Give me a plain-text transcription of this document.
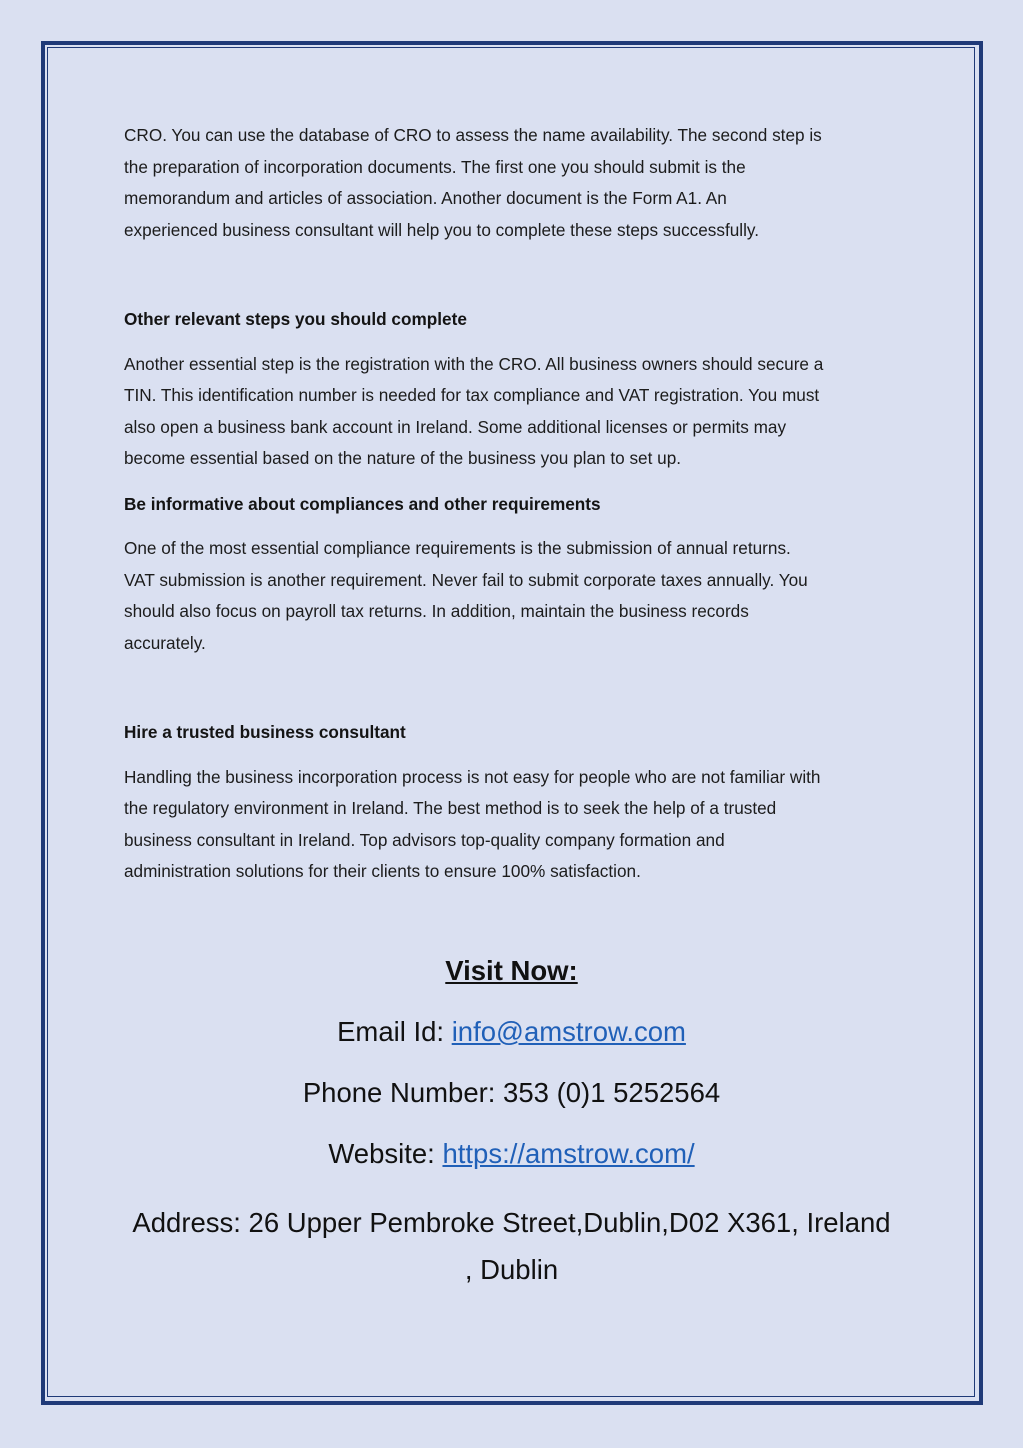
CRO. You can use the database of CRO to assess the name availability. The second step is

the preparation of incorporation documents. The first one you should submit is the

memorandum and articles of association. Another document is the Form A1. An

experienced business consultant will help you to complete these steps successfully.

Other relevant steps you should complete

Another essential step is the registration with the CRO. All business owners should secure a

TIN. This identification number is needed for tax compliance and VAT registration. You must

also open a business bank account in Ireland. Some additional licenses or permits may

become essential based on the nature of the business you plan to set up.

Be informative about compliances and other requirements

One of the most essential compliance requirements is the submission of annual returns.

VAT submission is another requirement. Never fail to submit corporate taxes annually. You

should also focus on payroll tax returns. In addition, maintain the business records

accurately.

Hire a trusted business consultant

Handling the business incorporation process is not easy for people who are not familiar with

the regulatory environment in Ireland. The best method is to seek the help of a trusted

business consultant in Ireland. Top advisors top-quality company formation and

administration solutions for their clients to ensure 100% satisfaction.

Visit Now:
Email Id: info@amstrow.com
Phone Number: 353 (0)1 5252564
Website: https://amstrow.com/
Address: 26 Upper Pembroke Street,Dublin,D02 X361, Ireland
, Dublin
